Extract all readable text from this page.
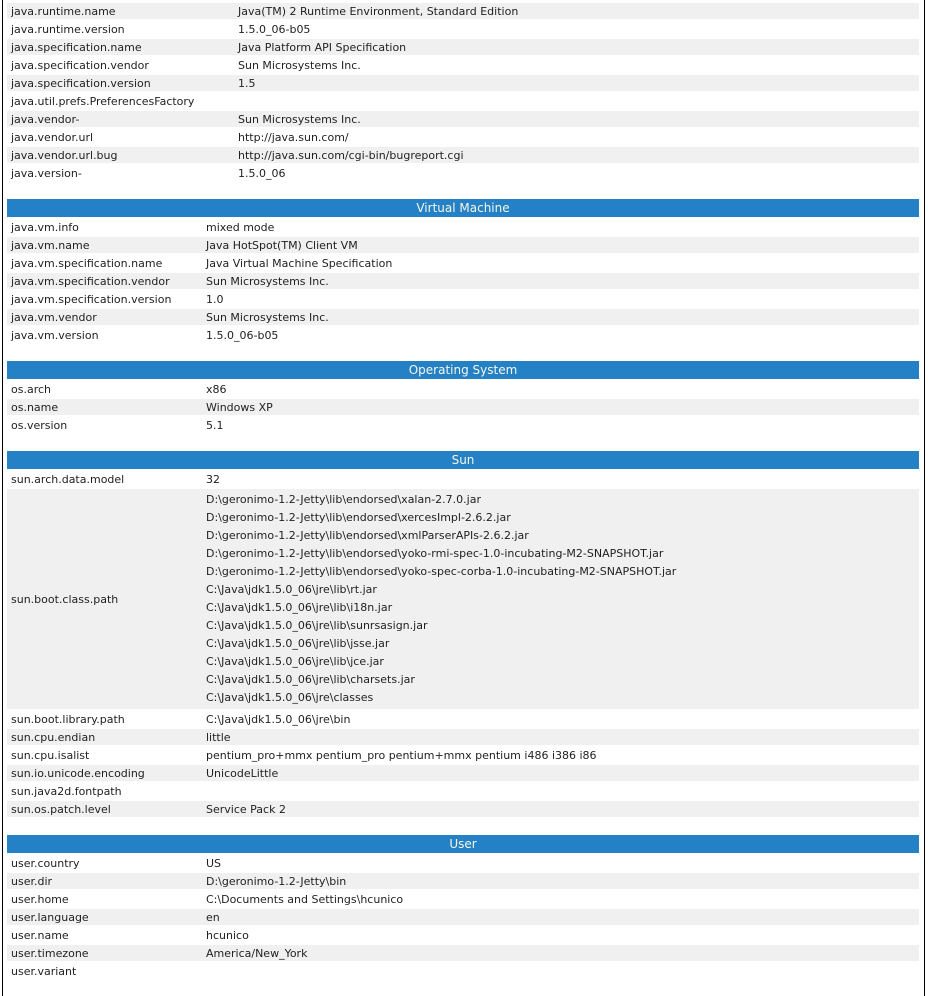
java.runtime.name	Java(TM) 2 Runtime Environment, Standard Edition
java.runtime.version	1.5.0_06-b05
java.specification.name	Java Platform API Specification
java.specification.vendor	Sun Microsystems Inc.
java.specification.version	1.5
java.util.prefs.PreferencesFactory	
java.vendor-	Sun Microsystems Inc.
java.vendor.url	http://java.sun.com/
java.vendor.url.bug	http://java.sun.com/cgi-bin/bugreport.cgi
java.version-	1.5.0_06
Virtual Machine
java.vm.info	mixed mode
java.vm.name	Java HotSpot(TM) Client VM
java.vm.specification.name	Java Virtual Machine Specification
java.vm.specification.vendor	Sun Microsystems Inc.
java.vm.specification.version	1.0
java.vm.vendor	Sun Microsystems Inc.
java.vm.version	1.5.0_06-b05
Operating System
os.arch	x86
os.name	Windows XP
os.version	5.1
Sun
sun.arch.data.model	32
sun.boot.class.path	
D:\geronimo-1.2-Jetty\lib\endorsed\xalan-2.7.0.jar
D:\geronimo-1.2-Jetty\lib\endorsed\xercesImpl-2.6.2.jar
D:\geronimo-1.2-Jetty\lib\endorsed\xmlParserAPIs-2.6.2.jar
D:\geronimo-1.2-Jetty\lib\endorsed\yoko-rmi-spec-1.0-incubating-M2-SNAPSHOT.jar
D:\geronimo-1.2-Jetty\lib\endorsed\yoko-spec-corba-1.0-incubating-M2-SNAPSHOT.jar
C:\Java\jdk1.5.0_06\jre\lib\rt.jar
C:\Java\jdk1.5.0_06\jre\lib\i18n.jar
C:\Java\jdk1.5.0_06\jre\lib\sunrsasign.jar
C:\Java\jdk1.5.0_06\jre\lib\jsse.jar
C:\Java\jdk1.5.0_06\jre\lib\jce.jar
C:\Java\jdk1.5.0_06\jre\lib\charsets.jar
C:\Java\jdk1.5.0_06\jre\classes

sun.boot.library.path	C:\Java\jdk1.5.0_06\jre\bin
sun.cpu.endian	little
sun.cpu.isalist	pentium_pro+mmx pentium_pro pentium+mmx pentium i486 i386 i86
sun.io.unicode.encoding	UnicodeLittle
sun.java2d.fontpath	
sun.os.patch.level	Service Pack 2
User
user.country	US
user.dir	D:\geronimo-1.2-Jetty\bin
user.home	C:\Documents and Settings\hcunico
user.language	en
user.name	hcunico
user.timezone	America/New_York
user.variant	
